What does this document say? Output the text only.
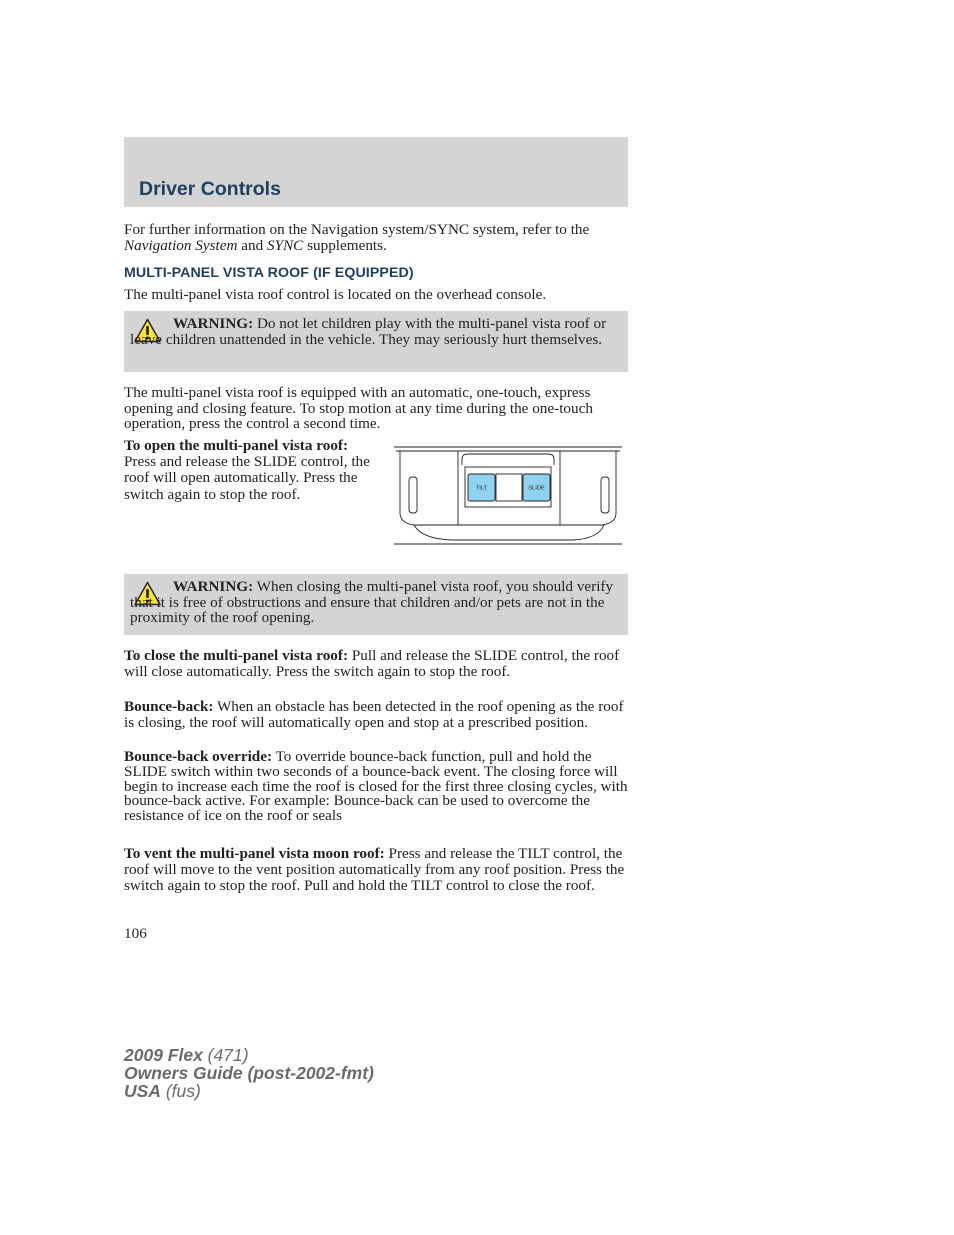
Driver Controls

For further information on the Navigation system/SYNC system, refer to the Navigation System and SYNC supplements.

MULTI-PANEL VISTA ROOF (IF EQUIPPED)

The multi-panel vista roof control is located on the overhead console.

WARNING: Do not let children play with the multi-panel vista roof or leave children unattended in the vehicle. They may seriously hurt themselves.

The multi-panel vista roof is equipped with an automatic, one-touch, express opening and closing feature. To stop motion at any time during the one-touch operation, press the control a second time.

To open the multi-panel vista roof: Press and release the SLIDE control, the roof will open automatically. Press the switch again to stop the roof.	TILT	SLIDE

WARNING: When closing the multi-panel vista roof, you should verify that it is free of obstructions and ensure that children and/or pets are not in the proximity of the roof opening.

To close the multi-panel vista roof: Pull and release the SLIDE control, the roof will close automatically. Press the switch again to stop the roof.

Bounce-back: When an obstacle has been detected in the roof opening as the roof is closing, the roof will automatically open and stop at a prescribed position.

Bounce-back override: To override bounce-back function, pull and hold the SLIDE switch within two seconds of a bounce-back event. The closing force will begin to increase each time the roof is closed for the first three closing cycles, with bounce-back active. For example: Bounce-back can be used to overcome the resistance of ice on the roof or seals

To vent the multi-panel vista moon roof: Press and release the TILT control, the roof will move to the vent position automatically from any roof position. Press the switch again to stop the roof. Pull and hold the TILT control to close the roof.

106
2009 Flex (471)
Owners Guide (post-2002-fmt)
USA (fus)
